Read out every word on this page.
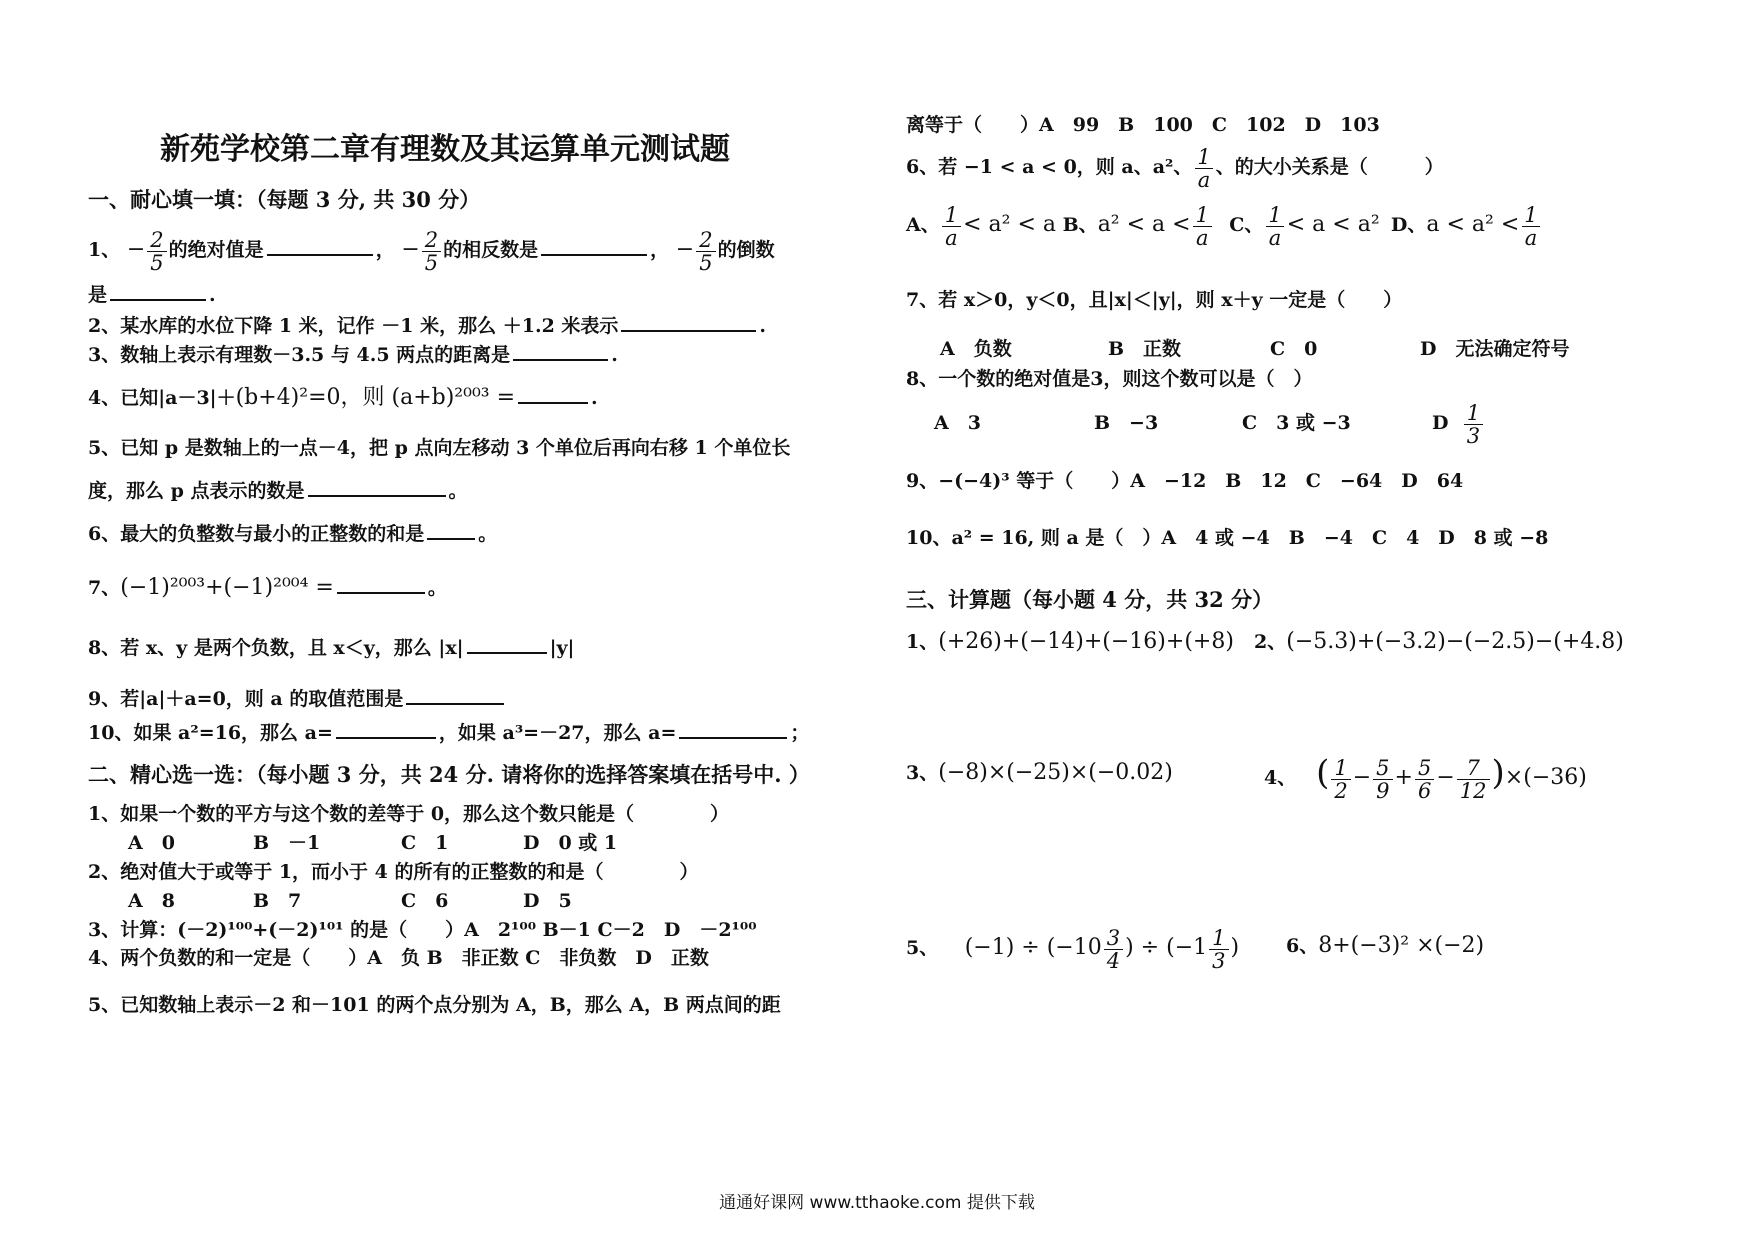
新苑学校第二章有理数及其运算单元测试题
一、耐心填一填：（每题 3 分, 共 30 分）
1、 − $\frac{2}{5}$ 的绝对值是	， − $\frac{2}{5}$ 的相反数是	， − $\frac{2}{5}$ 的倒数
是	.
2、某水库的水位下降 1 米，记作 －1 米，那么 ＋1.2 米表示	.
3、数轴上表示有理数－3.5 与 4.5 两点的距离是	.
4、已知|a－3|＋(b+4)²=0，则 (a+b)²⁰⁰³ =	.
5、已知 p 是数轴上的一点－4，把 p 点向左移动 3 个单位后再向右移 1 个单位长
度，那么 p 点表示的数是	。
6、最大的负整数与最小的正整数的和是	。
7、(−1)²⁰⁰³+(−1)²⁰⁰⁴ =	。
8、若 x、y 是两个负数，且 x＜y，那么 |x|	|y|
9、若|a|＋a=0，则 a 的取值范围是
10、如果 a²=16，那么 a=	，如果 a³=－27，那么 a=	；
二、精心选一选：（每小题 3 分，共 24 分. 请将你的选择答案填在括号中. ）
1、如果一个数的平方与这个数的差等于 0，那么这个数只能是（　　　　）
A　0	B　－1	C　1	D　0 或 1
2、绝对值大于或等于 1，而小于 4 的所有的正整数的和是（　　　　）
A　8	B　7	C　6	D　5
3、计算：(－2)¹⁰⁰+(－2)¹⁰¹ 的是（　　）A　2¹⁰⁰ B－1 C－2　D　－2¹⁰⁰
4、两个负数的和一定是（　　）A　负 B　非正数 C　非负数　D　正数
5、已知数轴上表示－2 和－101 的两个点分别为 A，B，那么 A，B 两点间的距
离等于（　　）A　99　B　100　C　102　D　103
6、若 −1 < a < 0，则 a、a²、 $\frac{1}{a}$ 、的大小关系是（　　　）
A、 $\frac{1}{a} < a^2 < a$ B、$a^2 < a < \frac{1}{a}$ C、 $\frac{1}{a} < a < a^2$ D、$a < a^2 < \frac{1}{a}$
7、若 x＞0，y＜0，且|x|＜|y|，则 x＋y 一定是（　　）
A　负数	B　正数	C　0	D　无法确定符号
8、一个数的绝对值是3，则这个数可以是（　）
A　3	B　−3	C　3 或 −3	D $\frac{1}{3}$
9、−(−4)³ 等于（　　）A　−12　B　12　C　−64　D　64
10、a² = 16, 则 a 是（　）A　4 或 −4　B　−4　C　4　D　8 或 −8
三、计算题（每小题 4 分，共 32 分）
1、(+26)+(−14)+(−16)+(+8) 2、(−5.3)+(−3.2)−(−2.5)−(+4.8)
3、(−8)×(−25)×(−0.02)	4、 ( $\frac{1}{2} - \frac{5}{9} + \frac{5}{6} - \frac{7}{12} )\times(-36)$
5、 $(-1) \div (-10 \frac{3}{4}$ ) ÷ ($-1 \frac{1}{3}$ ) 6、8+(−3)² ×(−2)
通通好课网 www.tthaoke.com 提供下载
